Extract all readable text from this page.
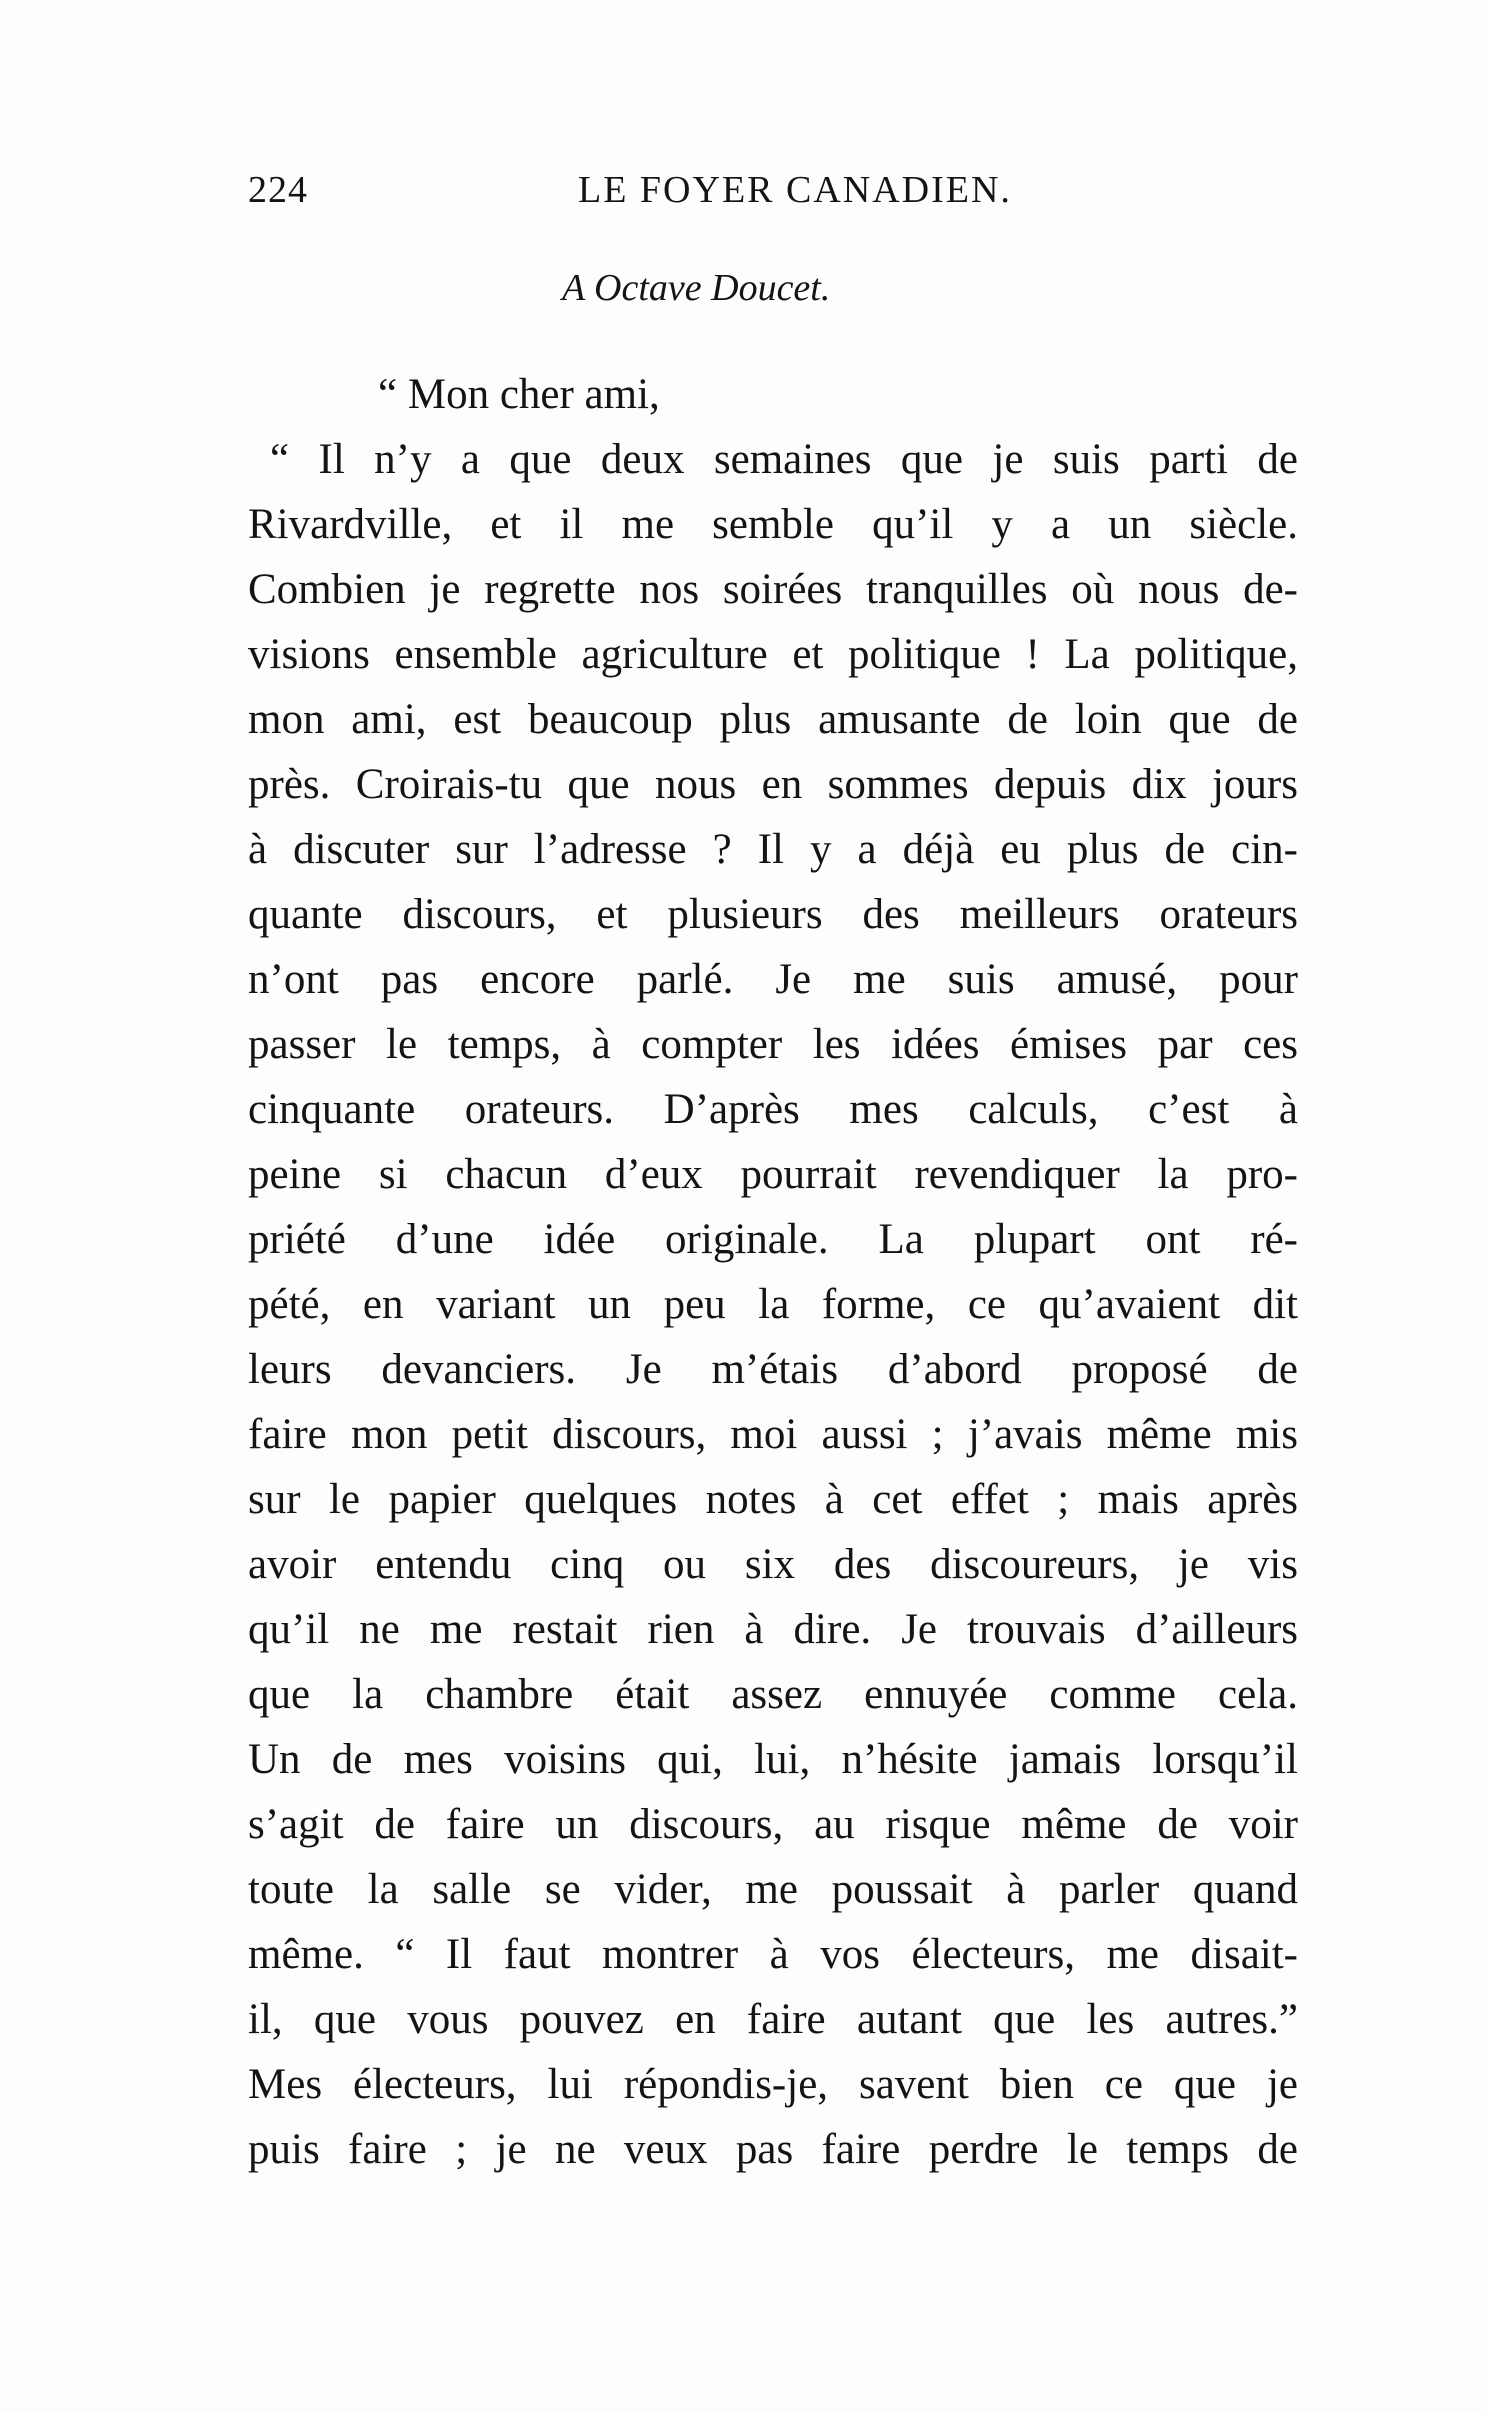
224	LE FOYER CANADIEN.
A Octave Doucet.
“ Mon cher ami,
“ Il n’y a que deux semaines que je suis parti de
Rivardville, et il me semble qu’il y a un siècle.
Combien je regrette nos soirées tranquilles où nous de-
visions ensemble agriculture et politique ! La politique,
mon ami, est beaucoup plus amusante de loin que de
près. Croirais-tu que nous en sommes depuis dix jours
à discuter sur l’adresse ? Il y a déjà eu plus de cin-
quante discours, et plusieurs des meilleurs orateurs
n’ont pas encore parlé. Je me suis amusé, pour
passer le temps, à compter les idées émises par ces
cinquante orateurs. D’après mes calculs, c’est à
peine si chacun d’eux pourrait revendiquer la pro-
priété d’une idée originale. La plupart ont ré-
pété, en variant un peu la forme, ce qu’avaient dit
leurs devanciers. Je m’étais d’abord proposé de
faire mon petit discours, moi aussi ; j’avais même mis
sur le papier quelques notes à cet effet ; mais après
avoir entendu cinq ou six des discoureurs, je vis
qu’il ne me restait rien à dire. Je trouvais d’ailleurs
que la chambre était assez ennuyée comme cela.
Un de mes voisins qui, lui, n’hésite jamais lorsqu’il
s’agit de faire un discours, au risque même de voir
toute la salle se vider, me poussait à parler quand
même. “ Il faut montrer à vos électeurs, me disait-
il, que vous pouvez en faire autant que les autres.”
Mes électeurs, lui répondis-je, savent bien ce que je
puis faire ; je ne veux pas faire perdre le temps de
